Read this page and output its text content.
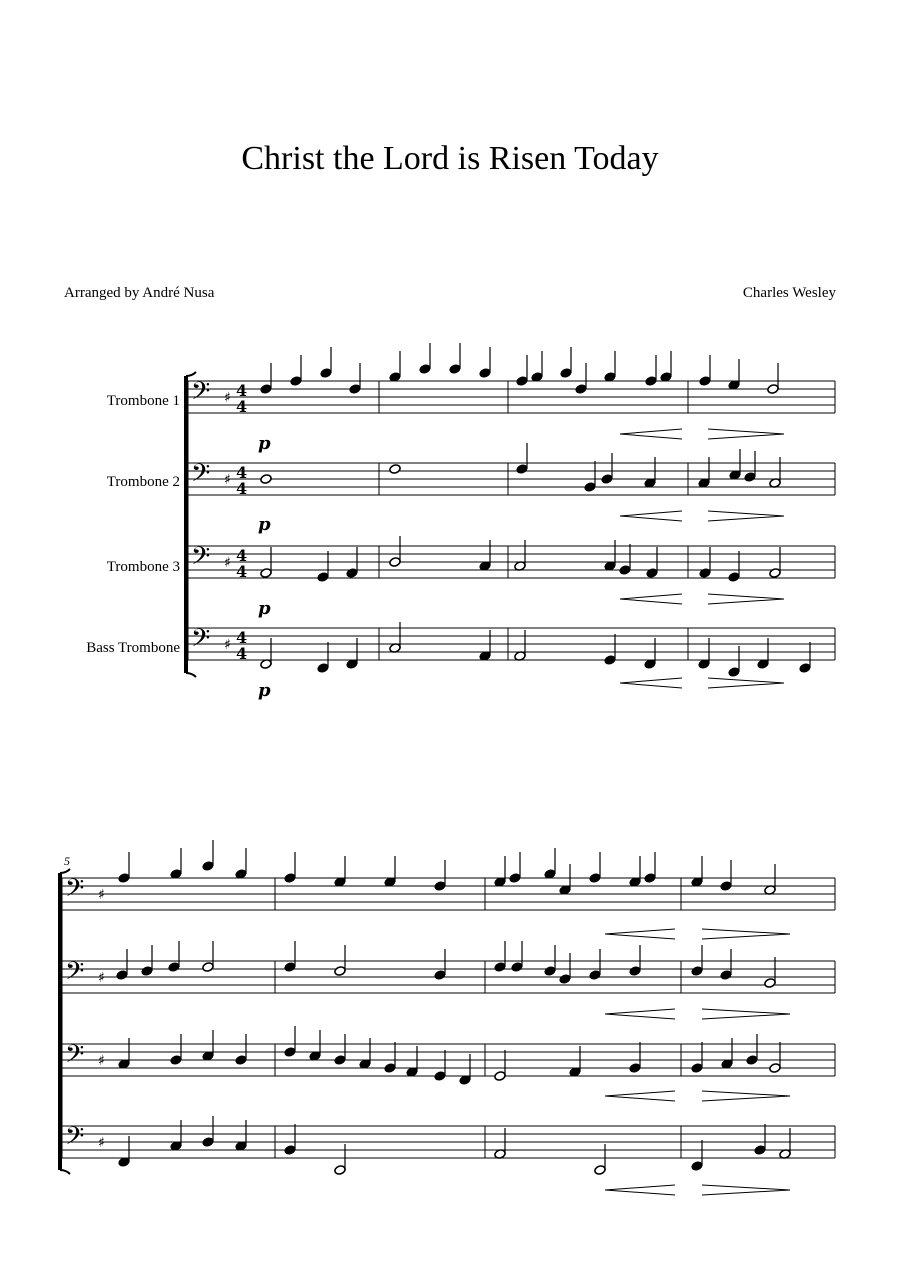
Christ the Lord is Risen Today
Arranged by André Nusa	Charles Wesley
Trombone 1
Trombone 2
Trombone 3
Bass Trombone
5
𝄢
𝄢
𝄢
𝄢
𝄢
𝄢
𝄢
𝄢
♯
♯
♯
♯
♯
♯
♯
♯
4
4
4
4
4
4
4
4
p
p
p
p
